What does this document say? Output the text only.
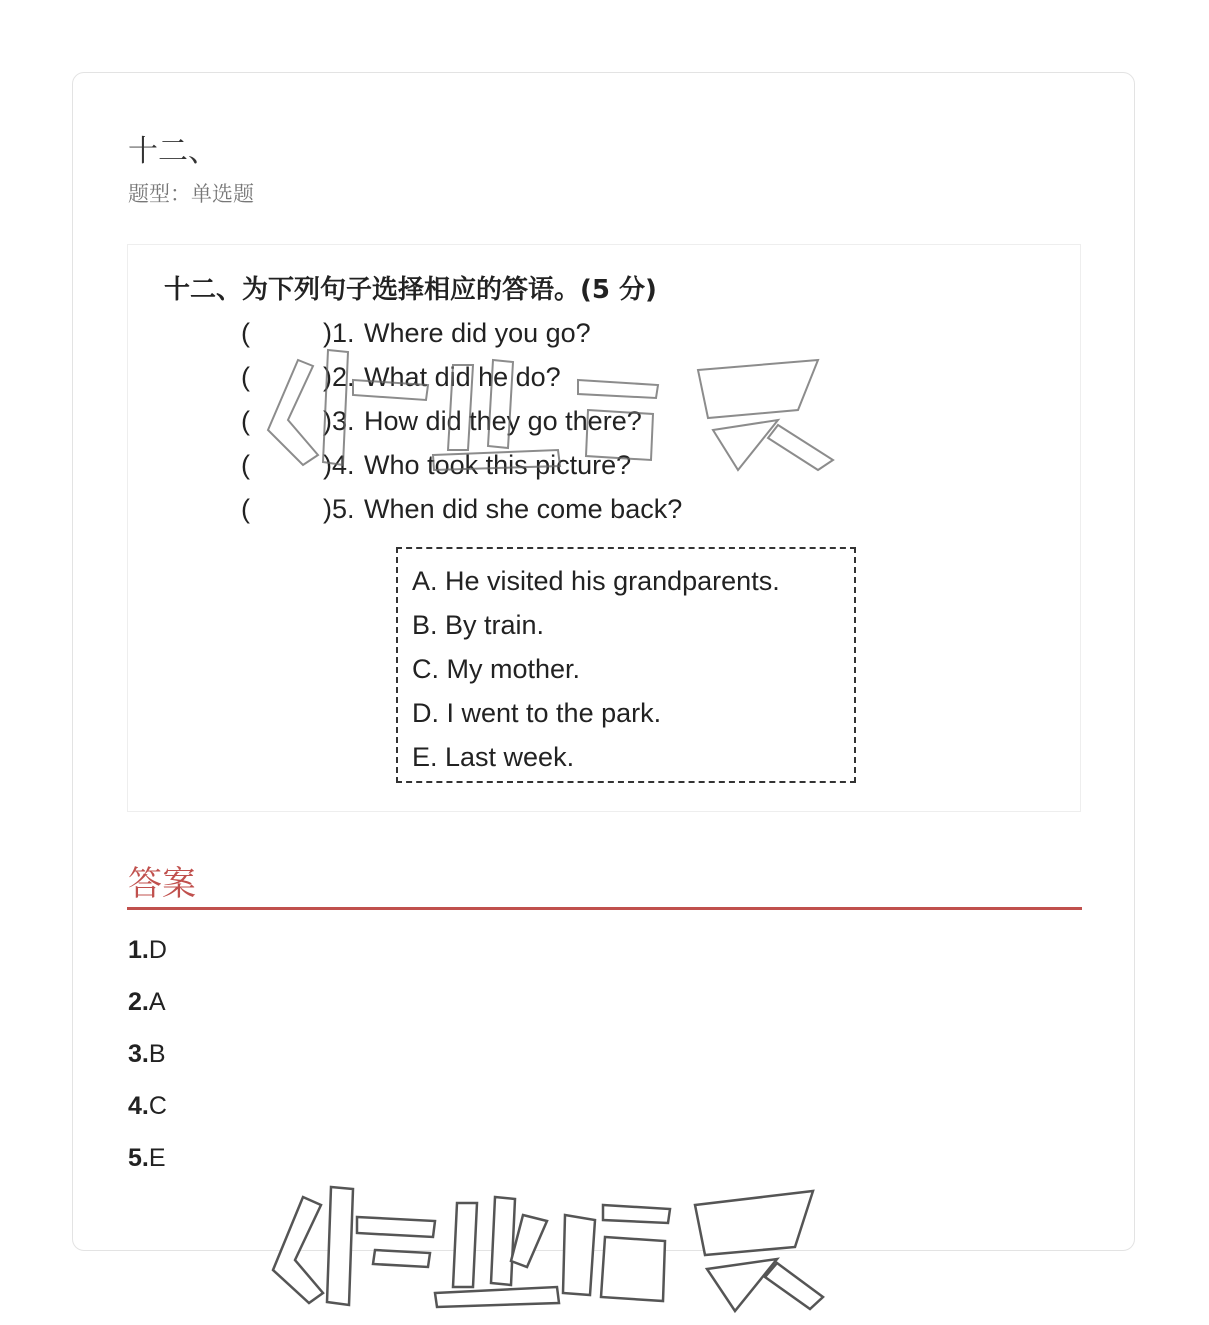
十二、
题型：单选题
十二、为下列句子选择相应的答语。(5 分)
(	) 1.
Where did you go?
(	) 2.
What did he do?
(	) 3.
How did they go there?
(	) 4.
Who took this picture?
(	) 5.
When did she come back?
A. He visited his grandparents.
B. By train.
C. My mother.
D. I went to the park.
E. Last week.
答案
1.D
2.A
3.B
4.C
5.E
